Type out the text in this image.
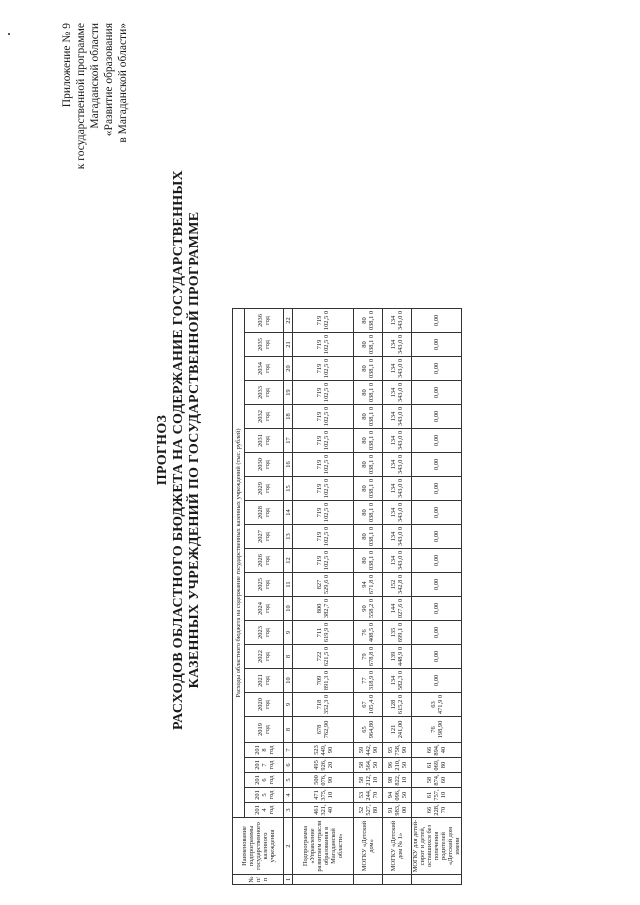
Приложение № 9 к государственной программе Магаданской области «Развитие образования в Магаданской области»
ПРОГНОЗ РАСХОДОВ ОБЛАСТНОГО БЮДЖЕТА НА СОДЕРЖАНИЕ ГОСУДАРСТВЕННЫХ КАЗЕННЫХ УЧРЕЖДЕНИЙ ПО ГОСУДАРСТВЕННОЙ ПРОГРАММЕ
№ п/ п	Наименование подпрограммы государственного казенного учреждения	Расходы областного бюджета на содержание государственных казенных учреждений (тыс. рублей)																						
		201 4 год	201 5 год	201 6 год	201 7 год	201 8 год	2019 год	2020 год	2021 год	2022 год	2023 год	2024 год	2025 год	2026 год	2027 год	2028 год	2029 год	2030 год	2031 год	2032 год	2033 год	2034 год	2035 год	2036 год
1	2	3	4	5	6	7	8	9	10	8	9	10	11	12	13	14	15	16	17	18	19	20	21	22
	Подпрограмма «Управление развитием отрасли образования в Магаданской области»	461 321, 40	471 375, 10	500 076, 90	495 926, 20	523 449, 90	678 762,90	718 352,3 0	709 891,3 0	722 621,5 0	711 619,9 0	800 382,7 0	827 529,6 0	719 102,5 0	719 102,5 0	719 102,5 0	719 102,5 0	719 102,5 0	719 102,5 0	719 102,5 0	719 102,5 0	719 102,5 0	719 102,5 0	719 102,5 0
	МОГКУ «Детский дом»	52 527, 80	53 244, 70	58 212, 10	58 564, 50	59 442, 90	65 964,80	67 105,4 0	77 318,9 0	79 678,8 0	76 408,5 0	90 558,2 0	94 671,8 0	80 038,1 0	80 038,1 0	80 038,1 0	80 038,1 0	80 038,1 0	80 038,1 0	80 038,1 0	80 038,1 0	80 038,1 0	80 038,1 0	80 038,1 0
	МОГКУ «Детский дом № 1»	91 983, 00	94 096, 50	98 822, 10	96 210, 50	95 758, 90	121 241,00	128 615,2 0	134 582,3 0	139 448,9 0	135 699,1 0	144 027,6 0	152 342,8 0	134 343,0 0	134 343,0 0	134 343,0 0	134 343,0 0	134 343,0 0	134 343,0 0	134 343,0 0	134 343,0 0	134 343,0 0	134 343,0 0	134 343,0 0
	МОГКУ для детей-сирот и детей, оставшихся без попечения родителей «Детский дом имени	66 228, 70	61 757, 10	58 874, 60	61 069, 80	66 894, 40	76 198,90	63 471,9 0	0,00	0,00	0,00	0,00	0,00	0,00	0,00	0,00	0,00	0,00	0,00	0,00	0,00	0,00	0,00	0,00
